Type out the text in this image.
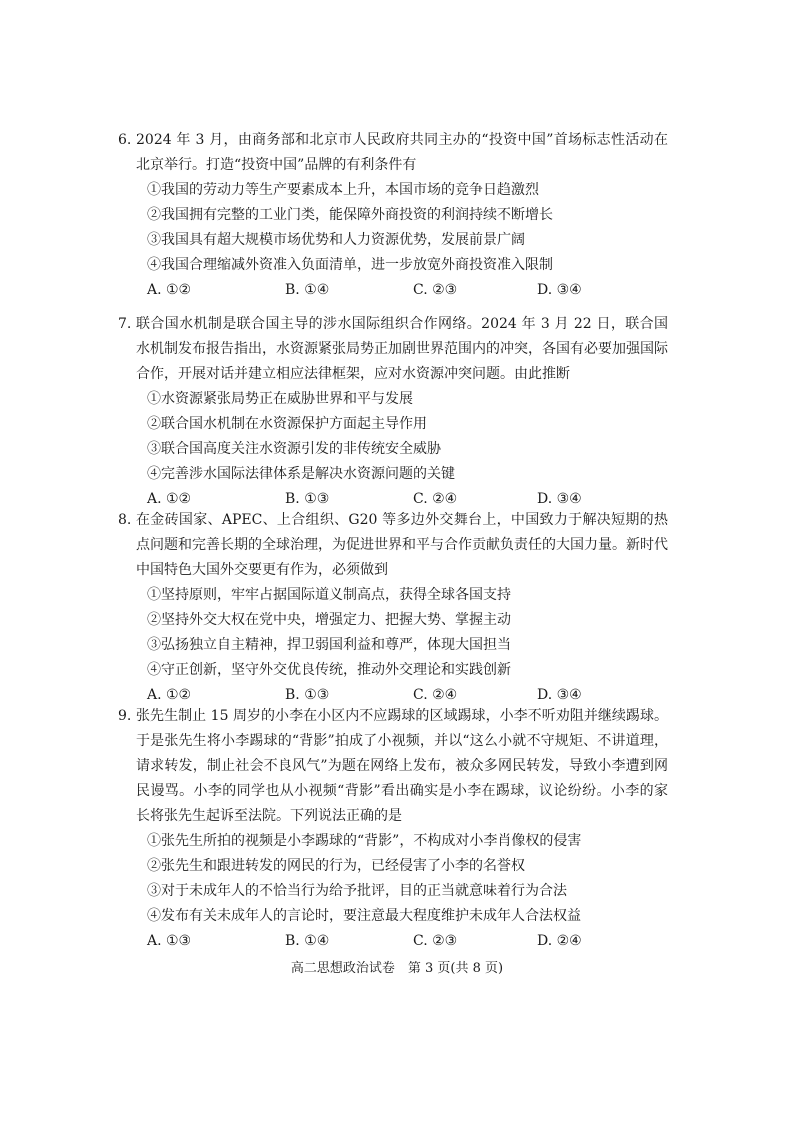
6. 2024 年 3 月，由商务部和北京市人民政府共同主办的“投资中国”首场标志性活动在北京举行。打造“投资中国”品牌的有利条件有
①我国的劳动力等生产要素成本上升，本国市场的竞争日趋激烈
②我国拥有完整的工业门类，能保障外商投资的利润持续不断增长
③我国具有超大规模市场优势和人力资源优势，发展前景广阔
④我国合理缩减外资准入负面清单，进一步放宽外商投资准入限制
A. ①②	B. ①④	C. ②③	D. ③④
7. 联合国水机制是联合国主导的涉水国际组织合作网络。2024 年 3 月 22 日，联合国水机制发布报告指出，水资源紧张局势正加剧世界范围内的冲突，各国有必要加强国际合作，开展对话并建立相应法律框架，应对水资源冲突问题。由此推断
①水资源紧张局势正在威胁世界和平与发展
②联合国水机制在水资源保护方面起主导作用
③联合国高度关注水资源引发的非传统安全威胁
④完善涉水国际法律体系是解决水资源问题的关键
A. ①②	B. ①③	C. ②④	D. ③④
8. 在金砖国家、APEC、上合组织、G20 等多边外交舞台上，中国致力于解决短期的热点问题和完善长期的全球治理，为促进世界和平与合作贡献负责任的大国力量。新时代中国特色大国外交要更有作为，必须做到
①坚持原则，牢牢占据国际道义制高点，获得全球各国支持
②坚持外交大权在党中央，增强定力、把握大势、掌握主动
③弘扬独立自主精神，捍卫弱国利益和尊严，体现大国担当
④守正创新，坚守外交优良传统，推动外交理论和实践创新
A. ①②	B. ①③	C. ②④	D. ③④
9. 张先生制止 15 周岁的小李在小区内不应踢球的区域踢球，小李不听劝阻并继续踢球。于是张先生将小李踢球的“背影”拍成了小视频，并以“这么小就不守规矩、不讲道理，请求转发，制止社会不良风气”为题在网络上发布，被众多网民转发，导致小李遭到网民谩骂。小李的同学也从小视频“背影”看出确实是小李在踢球，议论纷纷。小李的家长将张先生起诉至法院。下列说法正确的是
①张先生所拍的视频是小李踢球的“背影”，不构成对小李肖像权的侵害
②张先生和跟进转发的网民的行为，已经侵害了小李的名誉权
③对于未成年人的不恰当行为给予批评，目的正当就意味着行为合法
④发布有关未成年人的言论时，要注意最大程度维护未成年人合法权益
A. ①③	B. ①④	C. ②③	D. ②④
高二思想政治试卷　第 3 页(共 8 页)
